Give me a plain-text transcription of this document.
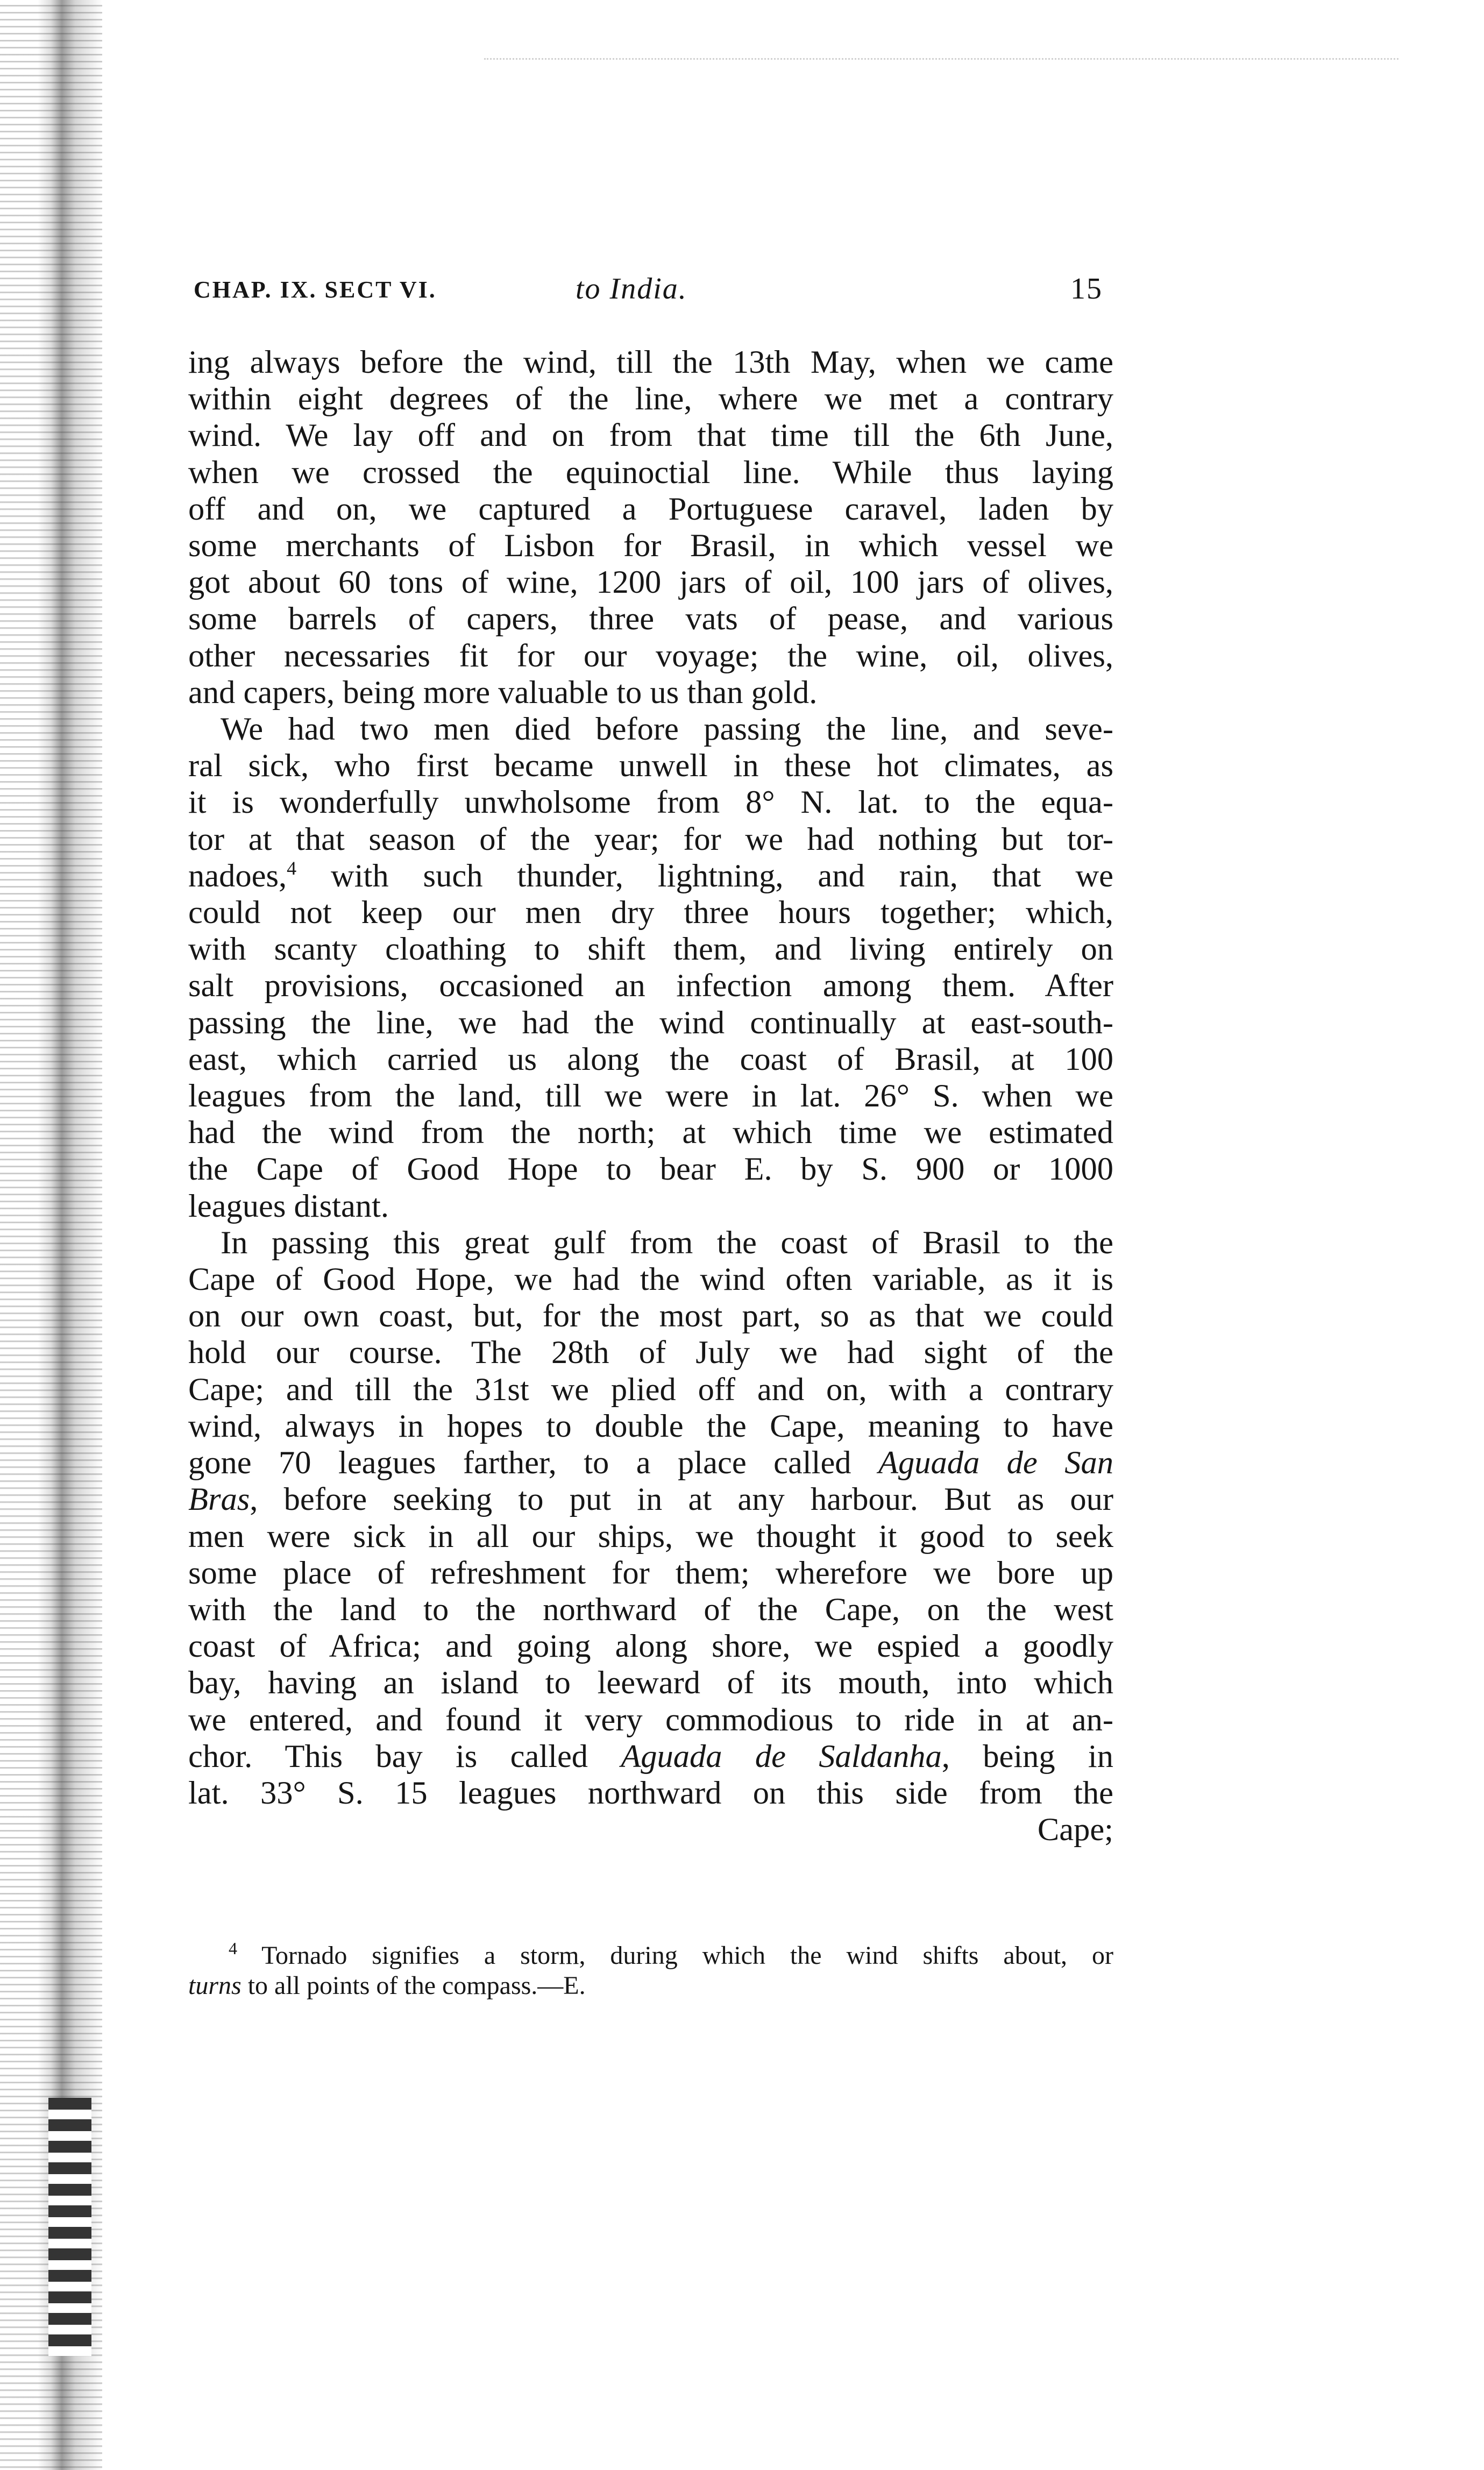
CHAP. IX. SECT VI.	to India.	15
ing always before the wind, till the 13th May, when we came
within eight degrees of the line, where we met a contrary
wind. We lay off and on from that time till the 6th June,
when we crossed the equinoctial line. While thus laying
off and on, we captured a Portuguese caravel, laden by
some merchants of Lisbon for Brasil, in which vessel we
got about 60 tons of wine, 1200 jars of oil, 100 jars of olives,
some barrels of capers, three vats of pease, and various
other necessaries fit for our voyage; the wine, oil, olives,
and capers, being more valuable to us than gold.
We had two men died before passing the line, and seve-
ral sick, who first became unwell in these hot climates, as
it is wonderfully unwholsome from 8° N. lat. to the equa-
tor at that season of the year; for we had nothing but tor-
nadoes,$^4$ with such thunder, lightning, and rain, that we
could not keep our men dry three hours together; which,
with scanty cloathing to shift them, and living entirely on
salt provisions, occasioned an infection among them. After
passing the line, we had the wind continually at east-south-
east, which carried us along the coast of Brasil, at 100
leagues from the land, till we were in lat. 26° S. when we
had the wind from the north; at which time we estimated
the Cape of Good Hope to bear E. by S. 900 or 1000
leagues distant.
In passing this great gulf from the coast of Brasil to the
Cape of Good Hope, we had the wind often variable, as it is
on our own coast, but, for the most part, so as that we could
hold our course. The 28th of July we had sight of the
Cape; and till the 31st we plied off and on, with a contrary
wind, always in hopes to double the Cape, meaning to have
gone 70 leagues farther, to a place called Aguada de San
Bras, before seeking to put in at any harbour. But as our
men were sick in all our ships, we thought it good to seek
some place of refreshment for them; wherefore we bore up
with the land to the northward of the Cape, on the west
coast of Africa; and going along shore, we espied a goodly
bay, having an island to leeward of its mouth, into which
we entered, and found it very commodious to ride in at an-
chor. This bay is called Aguada de Saldanha, being in
lat. 33° S. 15 leagues northward on this side from the
Cape;
$^4$ Tornado signifies a storm, during which the wind shifts about, or
turns to all points of the compass.—E.
